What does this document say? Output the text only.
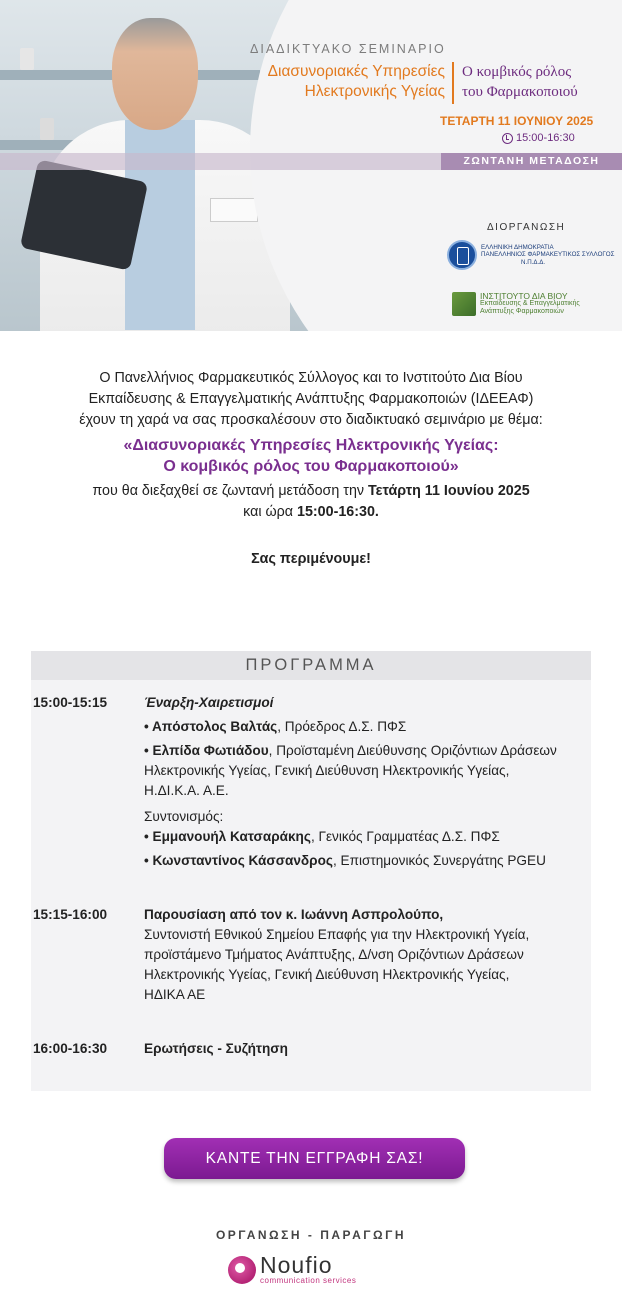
ΔΙΑΔΙΚΤΥΑΚΟ ΣΕΜΙΝΑΡΙΟ
Διασυνοριακές Υπηρεσίες
Ηλεκτρονικής Υγείας
Ο κομβικός ρόλος
του Φαρμακοποιού
ΤΕΤΑΡΤΗ 11 ΙΟΥΝΙΟΥ 2025
15:00-16:30
ΖΩΝΤΑΝΗ ΜΕΤΑΔΟΣΗ
ΔΙΟΡΓΑΝΩΣΗ
ΕΛΛΗΝΙΚΗ ΔΗΜΟΚΡΑΤΙΑ
ΠΑΝΕΛΛΗΝΙΟΣ ΦΑΡΜΑΚΕΥΤΙΚΟΣ ΣΥΛΛΟΓΟΣ
Ν.Π.Δ.Δ.
ΙΝΣΤΙΤΟΥΤΟ ΔΙΑ ΒΙΟΥ
Εκπαίδευσης & Επαγγελματικής
Ανάπτυξης Φαρμακοποιών
Ο Πανελλήνιος Φαρμακευτικός Σύλλογος και το Ινστιτούτο Δια Βίου
Εκπαίδευσης & Επαγγελματικής Ανάπτυξης Φαρμακοποιών (ΙΔΕΕΑΦ)
έχουν τη χαρά να σας προσκαλέσουν στο διαδικτυακό σεμινάριο με θέμα:
«Διασυνοριακές Υπηρεσίες Ηλεκτρονικής Υγείας:
Ο κομβικός ρόλος του Φαρμακοποιού»
που θα διεξαχθεί σε ζωντανή μετάδοση την Τετάρτη 11 Ιουνίου 2025
και ώρα 15:00-16:30.
Σας περιμένουμε!
ΠΡΟΓΡΑΜΜΑ
15:00-15:15	Έναρξη-Χαιρετισμοί
• Απόστολος Βαλτάς, Πρόεδρος Δ.Σ. ΠΦΣ
• Ελπίδα Φωτιάδου, Προϊσταμένη Διεύθυνσης Οριζόντιων Δράσεων
Ηλεκτρονικής Υγείας, Γενική Διεύθυνση Ηλεκτρονικής Υγείας,
Η.ΔΙ.Κ.Α. Α.Ε.
Συντονισμός:
• Εμμανουήλ Κατσαράκης, Γενικός Γραμματέας Δ.Σ. ΠΦΣ
• Κωνσταντίνος Κάσσανδρος, Επιστημονικός Συνεργάτης PGEU
15:15-16:00	Παρουσίαση από τον κ. Ιωάννη Ασπρολούπο,
Συντονιστή Εθνικού Σημείου Επαφής για την Ηλεκτρονική Υγεία,
προϊστάμενο Τμήματος Ανάπτυξης, Δ/νση Οριζόντιων Δράσεων
Ηλεκτρονικής Υγείας, Γενική Διεύθυνση Ηλεκτρονικής Υγείας,
ΗΔΙΚΑ ΑΕ
16:00-16:30	Ερωτήσεις - Συζήτηση
ΚΑΝΤΕ ΤΗΝ ΕΓΓΡΑΦΗ ΣΑΣ!
ΟΡΓΑΝΩΣΗ - ΠΑΡΑΓΩΓΗ
Noufio
communication services
